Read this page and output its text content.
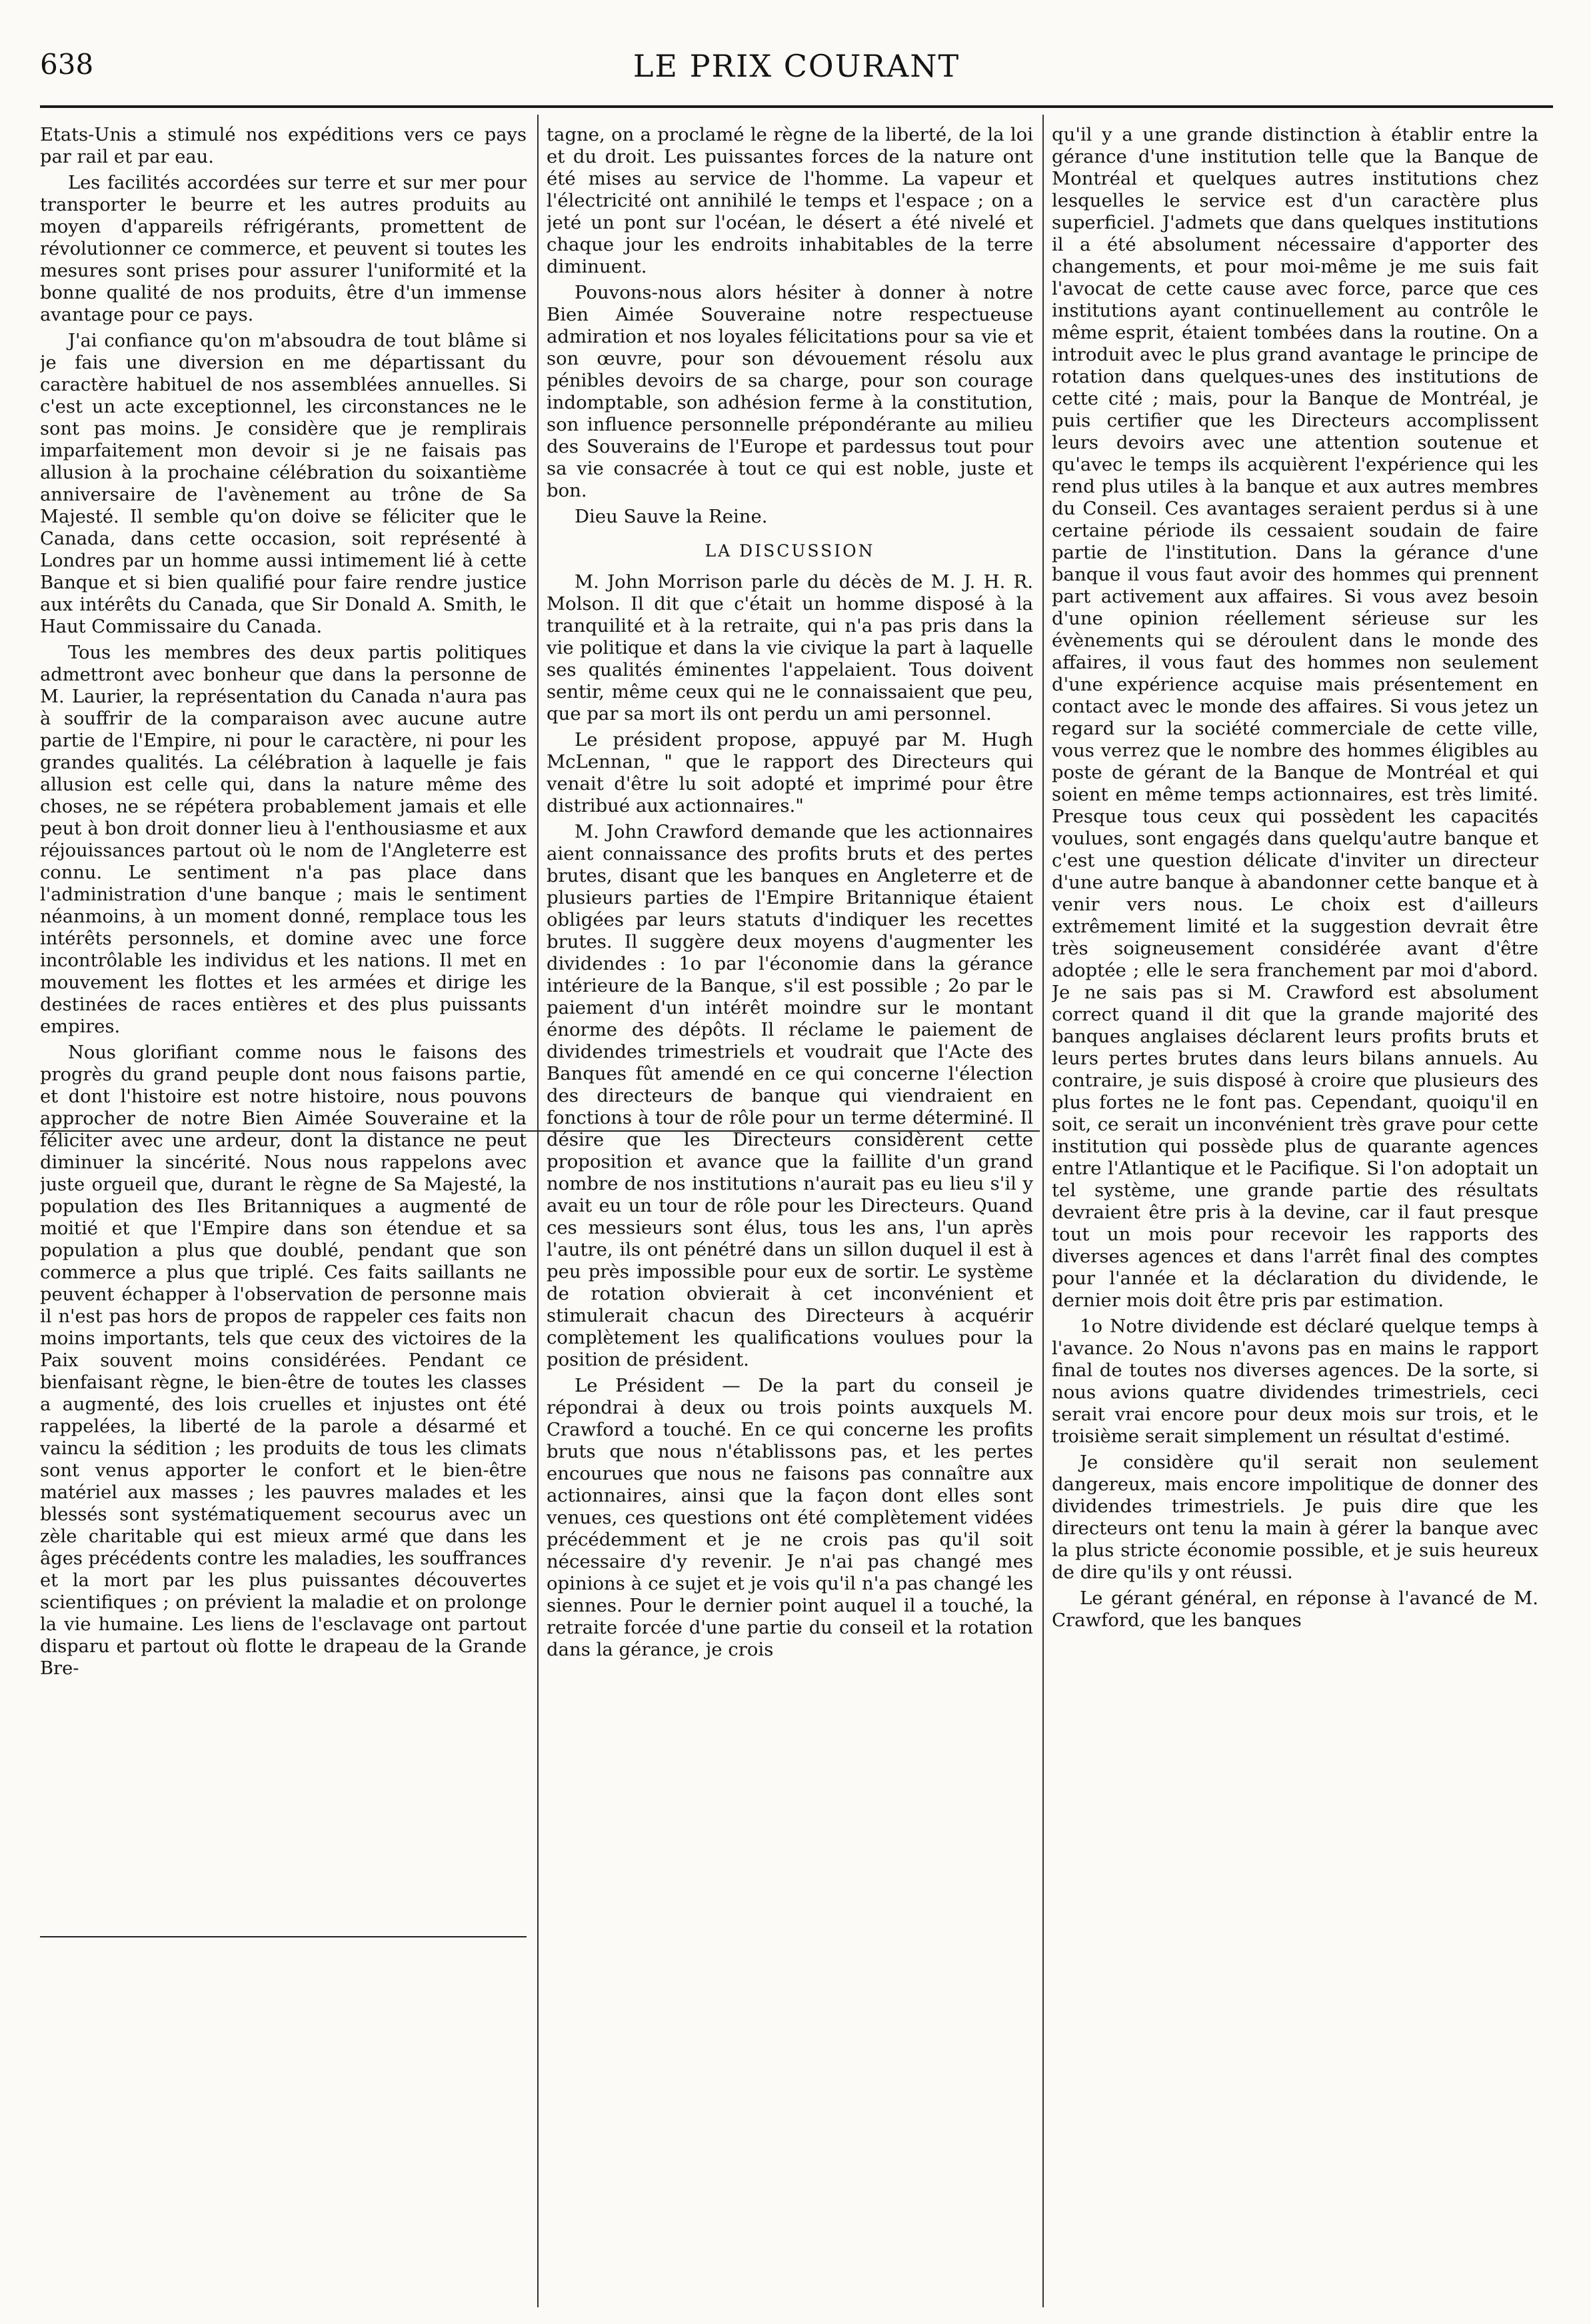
638	LE PRIX COURANT

Etats-Unis a stimulé nos expéditions vers ce pays par rail et par eau.

Les facilités accordées sur terre et sur mer pour transporter le beurre et les autres produits au moyen d'appareils réfrigérants, promettent de révolutionner ce commerce, et peuvent si toutes les mesures sont prises pour assurer l'uniformité et la bonne qualité de nos produits, être d'un immense avantage pour ce pays.

J'ai confiance qu'on m'absoudra de tout blâme si je fais une diversion en me départissant du caractère habituel de nos assemblées annuelles. Si c'est un acte exceptionnel, les circonstances ne le sont pas moins. Je considère que je remplirais imparfaitement mon devoir si je ne faisais pas allusion à la prochaine célébration du soixantième anniversaire de l'avènement au trône de Sa Majesté. Il semble qu'on doive se féliciter que le Canada, dans cette occasion, soit représenté à Londres par un homme aussi intimement lié à cette Banque et si bien qualifié pour faire rendre justice aux intérêts du Canada, que Sir Donald A. Smith, le Haut Commissaire du Canada.

Tous les membres des deux partis politiques admettront avec bonheur que dans la personne de M. Laurier, la représentation du Canada n'aura pas à souffrir de la comparaison avec aucune autre partie de l'Empire, ni pour le caractère, ni pour les grandes qualités. La célébration à laquelle je fais allusion est celle qui, dans la nature même des choses, ne se répétera probablement jamais et elle peut à bon droit donner lieu à l'enthousiasme et aux réjouissances partout où le nom de l'Angleterre est connu. Le sentiment n'a pas place dans l'administration d'une banque ; mais le sentiment néanmoins, à un moment donné, remplace tous les intérêts personnels, et domine avec une force incontrôlable les individus et les nations. Il met en mouvement les flottes et les armées et dirige les destinées de races entières et des plus puissants empires.

Nous glorifiant comme nous le faisons des progrès du grand peuple dont nous faisons partie, et dont l'histoire est notre histoire, nous pouvons approcher de notre Bien Aimée Souveraine et la féliciter avec une ardeur, dont la distance ne peut diminuer la sincérité. Nous nous rappelons avec juste orgueil que, durant le règne de Sa Majesté, la population des Iles Britanniques a augmenté de moitié et que l'Empire dans son étendue et sa population a plus que doublé, pendant que son commerce a plus que triplé. Ces faits saillants ne peuvent échapper à l'observation de personne mais il n'est pas hors de propos de rappeler ces faits non moins importants, tels que ceux des victoires de la Paix souvent moins considérées. Pendant ce bienfaisant règne, le bien-être de toutes les classes a augmenté, des lois cruelles et injustes ont été rappelées, la liberté de la parole a désarmé et vaincu la sédition ; les produits de tous les climats sont venus apporter le confort et le bien-être matériel aux masses ; les pauvres malades et les blessés sont systématiquement secourus avec un zèle charitable qui est mieux armé que dans les âges précédents contre les maladies, les souffrances et la mort par les plus puissantes découvertes scientifiques ; on prévient la maladie et on prolonge la vie humaine. Les liens de l'esclavage ont partout disparu et partout où flotte le drapeau de la Grande Bre-

tagne, on a proclamé le règne de la liberté, de la loi et du droit. Les puissantes forces de la nature ont été mises au service de l'homme. La vapeur et l'électricité ont annihilé le temps et l'espace ; on a jeté un pont sur l'océan, le désert a été nivelé et chaque jour les endroits inhabitables de la terre diminuent.

Pouvons-nous alors hésiter à donner à notre Bien Aimée Souveraine notre respectueuse admiration et nos loyales félicitations pour sa vie et son œuvre, pour son dévouement résolu aux pénibles devoirs de sa charge, pour son courage indomptable, son adhésion ferme à la constitution, son influence personnelle prépondérante au milieu des Souverains de l'Europe et pardessus tout pour sa vie consacrée à tout ce qui est noble, juste et bon.

Dieu Sauve la Reine.

LA DISCUSSION

M. John Morrison parle du décès de M. J. H. R. Molson. Il dit que c'était un homme disposé à la tranquilité et à la retraite, qui n'a pas pris dans la vie politique et dans la vie civique la part à laquelle ses qualités éminentes l'appelaient. Tous doivent sentir, même ceux qui ne le connaissaient que peu, que par sa mort ils ont perdu un ami personnel.

Le président propose, appuyé par M. Hugh McLennan, " que le rapport des Directeurs qui venait d'être lu soit adopté et imprimé pour être distribué aux actionnaires."

M. John Crawford demande que les actionnaires aient connaissance des profits bruts et des pertes brutes, disant que les banques en Angleterre et de plusieurs parties de l'Empire Britannique étaient obligées par leurs statuts d'indiquer les recettes brutes. Il suggère deux moyens d'augmenter les dividendes : 1o par l'économie dans la gérance intérieure de la Banque, s'il est possible ; 2o par le paiement d'un intérêt moindre sur le montant énorme des dépôts. Il réclame le paiement de dividendes trimestriels et voudrait que l'Acte des Banques fût amendé en ce qui concerne l'élection des directeurs de banque qui viendraient en fonctions à tour de rôle pour un terme déterminé. Il désire que les Directeurs considèrent cette proposition et avance que la faillite d'un grand nombre de nos institutions n'aurait pas eu lieu s'il y avait eu un tour de rôle pour les Directeurs. Quand ces messieurs sont élus, tous les ans, l'un après l'autre, ils ont pénétré dans un sillon duquel il est à peu près impossible pour eux de sortir. Le système de rotation obvierait à cet inconvénient et stimulerait chacun des Directeurs à acquérir complètement les qualifications voulues pour la position de président.

Le Président — De la part du conseil je répondrai à deux ou trois points auxquels M. Crawford a touché. En ce qui concerne les profits bruts que nous n'établissons pas, et les pertes encourues que nous ne faisons pas connaître aux actionnaires, ainsi que la façon dont elles sont venues, ces questions ont été complètement vidées précédemment et je ne crois pas qu'il soit nécessaire d'y revenir. Je n'ai pas changé mes opinions à ce sujet et je vois qu'il n'a pas changé les siennes. Pour le dernier point auquel il a touché, la retraite forcée d'une partie du conseil et la rotation dans la gérance, je crois

qu'il y a une grande distinction à établir entre la gérance d'une institution telle que la Banque de Montréal et quelques autres institutions chez lesquelles le service est d'un caractère plus superficiel. J'admets que dans quelques institutions il a été absolument nécessaire d'apporter des changements, et pour moi-même je me suis fait l'avocat de cette cause avec force, parce que ces institutions ayant continuellement au contrôle le même esprit, étaient tombées dans la routine. On a introduit avec le plus grand avantage le principe de rotation dans quelques-unes des institutions de cette cité ; mais, pour la Banque de Montréal, je puis certifier que les Directeurs accomplissent leurs devoirs avec une attention soutenue et qu'avec le temps ils acquièrent l'expérience qui les rend plus utiles à la banque et aux autres membres du Conseil. Ces avantages seraient perdus si à une certaine période ils cessaient soudain de faire partie de l'institution. Dans la gérance d'une banque il vous faut avoir des hommes qui prennent part activement aux affaires. Si vous avez besoin d'une opinion réellement sérieuse sur les évènements qui se déroulent dans le monde des affaires, il vous faut des hommes non seulement d'une expérience acquise mais présentement en contact avec le monde des affaires. Si vous jetez un regard sur la société commerciale de cette ville, vous verrez que le nombre des hommes éligibles au poste de gérant de la Banque de Montréal et qui soient en même temps actionnaires, est très limité. Presque tous ceux qui possèdent les capacités voulues, sont engagés dans quelqu'autre banque et c'est une question délicate d'inviter un directeur d'une autre banque à abandonner cette banque et à venir vers nous. Le choix est d'ailleurs extrêmement limité et la suggestion devrait être très soigneusement considérée avant d'être adoptée ; elle le sera franchement par moi d'abord. Je ne sais pas si M. Crawford est absolument correct quand il dit que la grande majorité des banques anglaises déclarent leurs profits bruts et leurs pertes brutes dans leurs bilans annuels. Au contraire, je suis disposé à croire que plusieurs des plus fortes ne le font pas. Cependant, quoiqu'il en soit, ce serait un inconvénient très grave pour cette institution qui possède plus de quarante agences entre l'Atlantique et le Pacifique. Si l'on adoptait un tel système, une grande partie des résultats devraient être pris à la devine, car il faut presque tout un mois pour recevoir les rapports des diverses agences et dans l'arrêt final des comptes pour l'année et la déclaration du dividende, le dernier mois doit être pris par estimation.

1o Notre dividende est déclaré quelque temps à l'avance. 2o Nous n'avons pas en mains le rapport final de toutes nos diverses agences. De la sorte, si nous avions quatre dividendes trimestriels, ceci serait vrai encore pour deux mois sur trois, et le troisième serait simplement un résultat d'estimé.

Je considère qu'il serait non seulement dangereux, mais encore impolitique de donner des dividendes trimestriels. Je puis dire que les directeurs ont tenu la main à gérer la banque avec la plus stricte économie possible, et je suis heureux de dire qu'ils y ont réussi.

Le gérant général, en réponse à l'avancé de M. Crawford, que les banques
